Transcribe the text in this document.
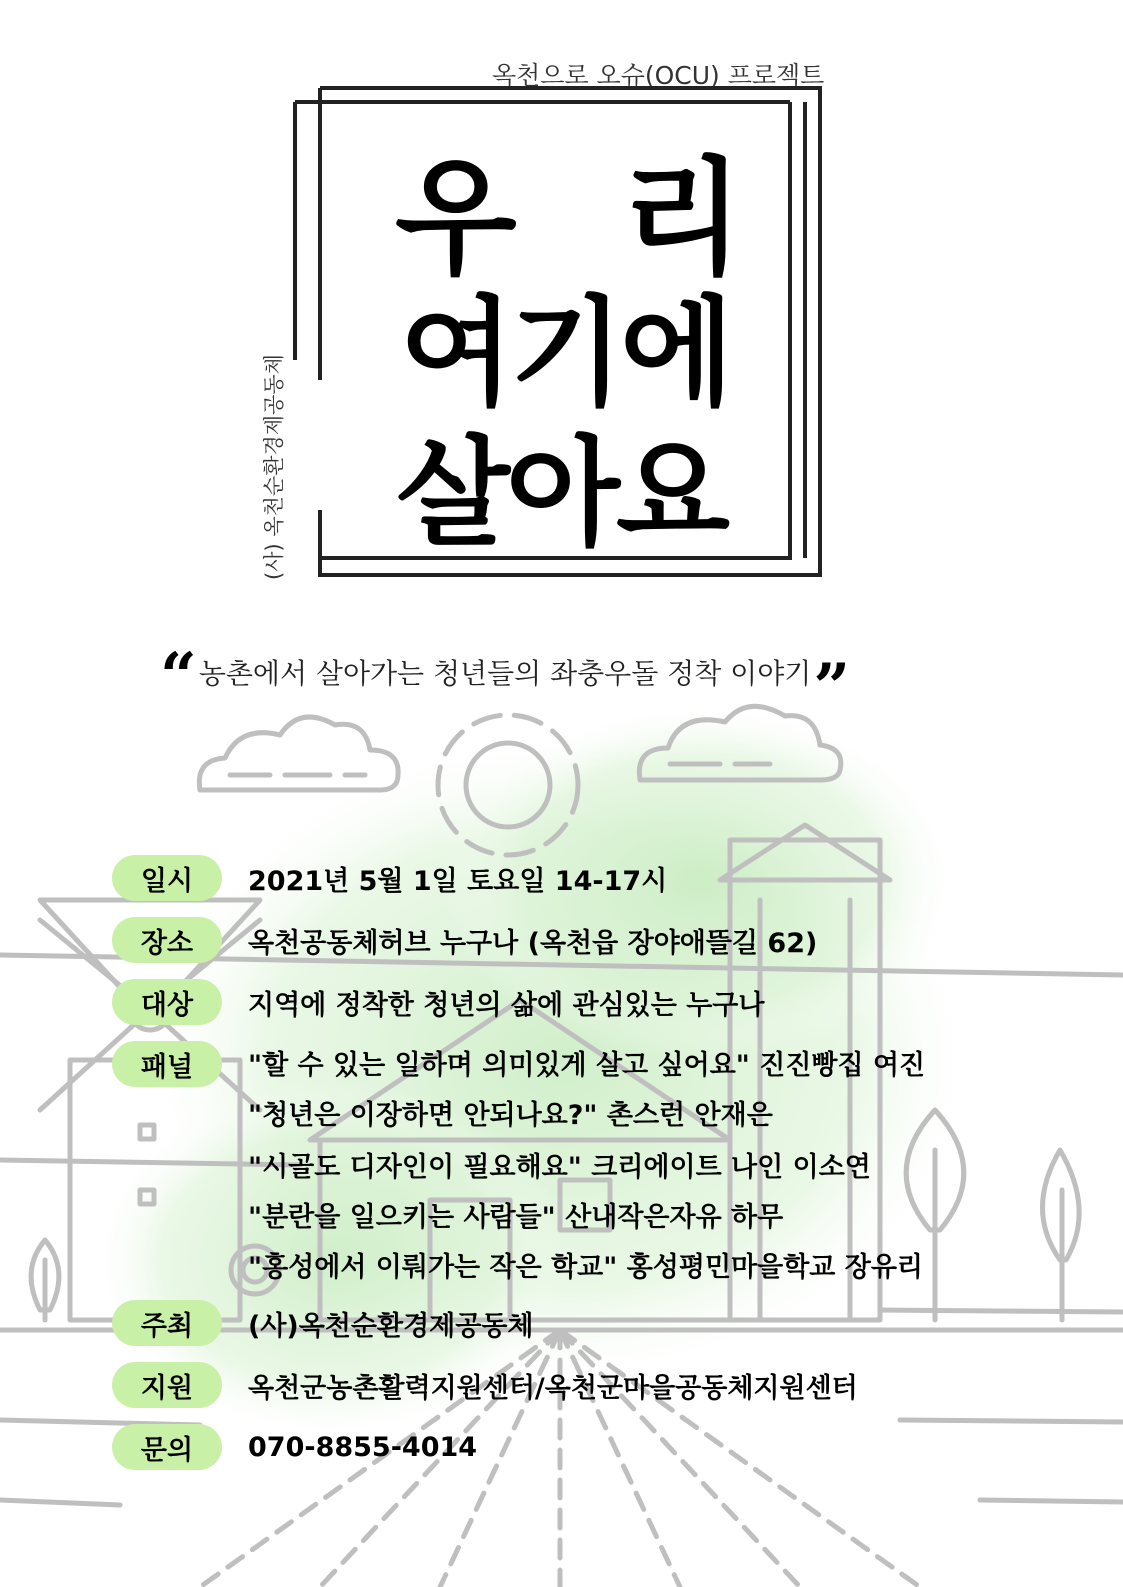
옥천으로 오슈(OCU) 프로젝트
(사) 옥천순환경제공동체
우리
여기에
살아요
“ 농촌에서 살아가는 청년들의 좌충우돌 정착 이야기 ”
일시	2021년 5월 1일 토요일 14-17시
장소	옥천공동체허브 누구나 (옥천읍 장야애뜰길 62)
대상	지역에 정착한 청년의 삶에 관심있는 누구나
패널	"할 수 있는 일하며 의미있게 살고 싶어요" 진진빵집 여진
"청년은 이장하면 안되나요?" 촌스런 안재은
"시골도 디자인이 필요해요" 크리에이트 나인 이소연
"분란을 일으키는 사람들" 산내작은자유 하무
"홍성에서 이뤄가는 작은 학교" 홍성평민마을학교 장유리
주최	(사)옥천순환경제공동체
지원	옥천군농촌활력지원센터/옥천군마을공동체지원센터
문의	070-8855-4014
